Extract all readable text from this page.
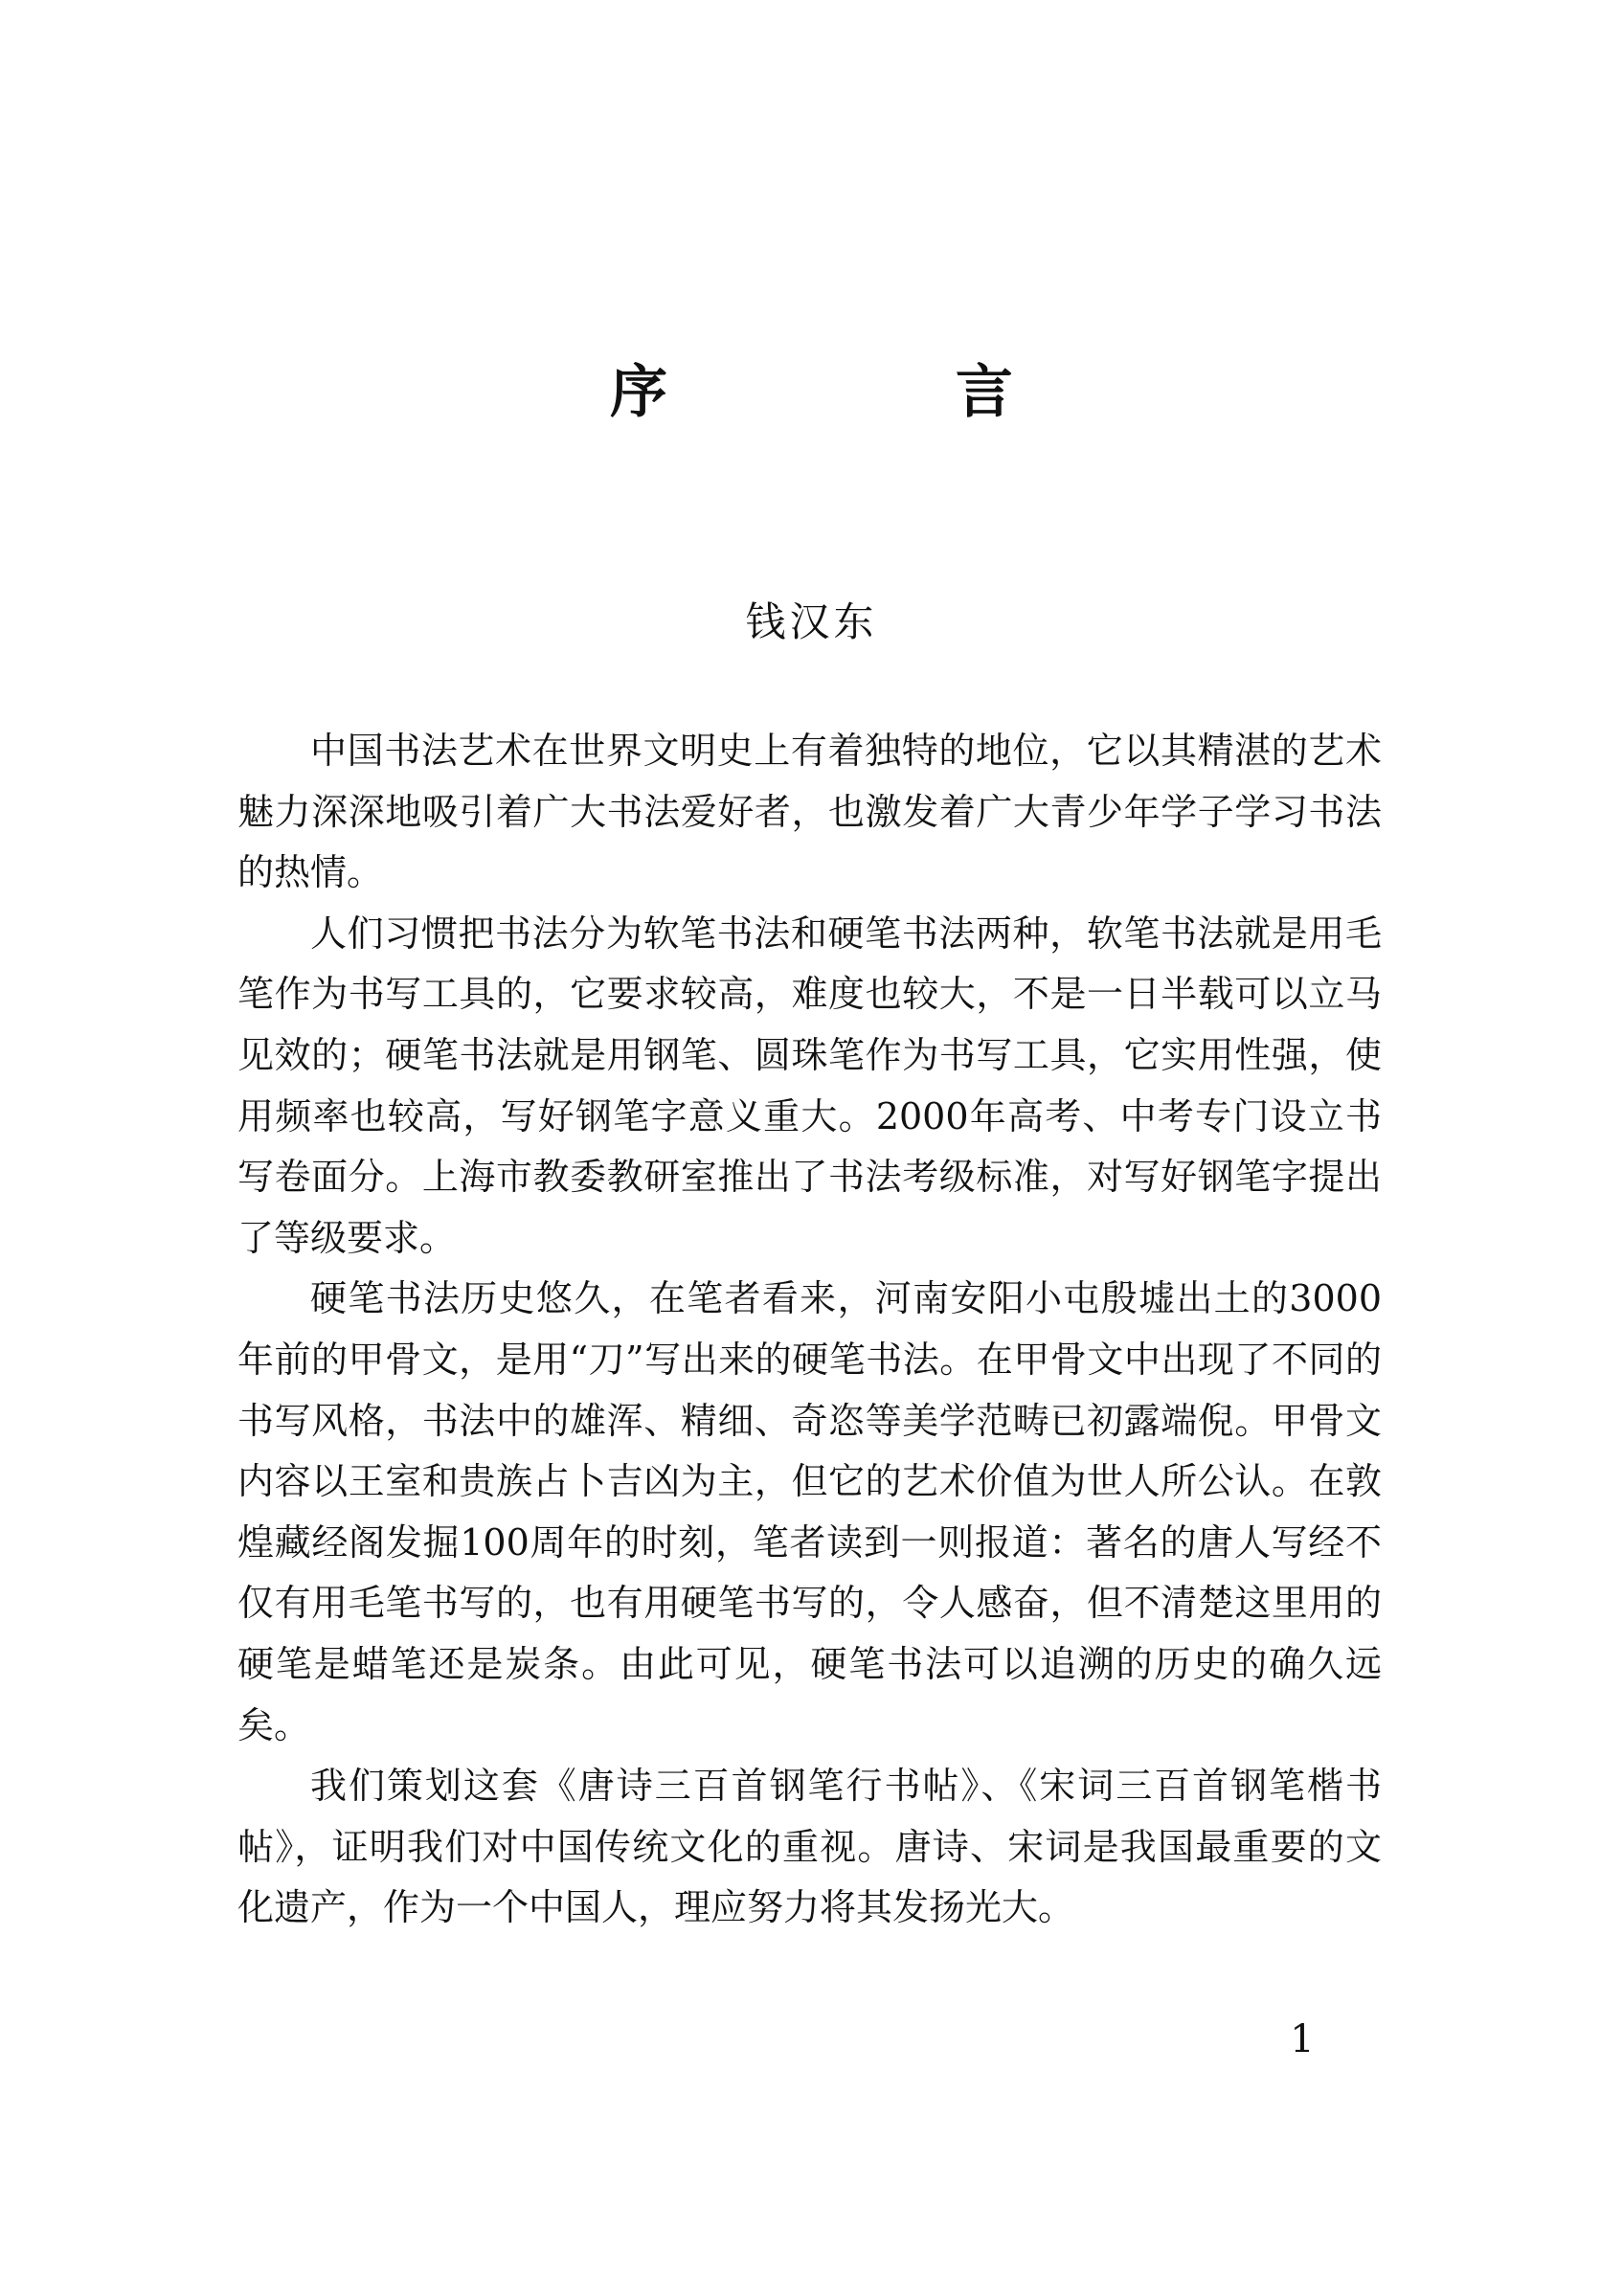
序 言
钱汉东

中国书法艺术在世界文明史上有着独特的地位，它以其精湛的艺术魅力深深地吸引着广大书法爱好者，也激发着广大青少年学子学习书法的热情。

人们习惯把书法分为软笔书法和硬笔书法两种，软笔书法就是用毛笔作为书写工具的，它要求较高，难度也较大，不是一日半载可以立马见效的；硬笔书法就是用钢笔、圆珠笔作为书写工具，它实用性强，使用频率也较高，写好钢笔字意义重大。2000年高考、中考专门设立书写卷面分。上海市教委教研室推出了书法考级标准，对写好钢笔字提出了等级要求。

硬笔书法历史悠久，在笔者看来，河南安阳小屯殷墟出土的3000年前的甲骨文，是用“刀”写出来的硬笔书法。在甲骨文中出现了不同的书写风格，书法中的雄浑、精细、奇恣等美学范畴已初露端倪。甲骨文内容以王室和贵族占卜吉凶为主，但它的艺术价值为世人所公认。在敦煌藏经阁发掘100周年的时刻，笔者读到一则报道：著名的唐人写经不仅有用毛笔书写的，也有用硬笔书写的，令人感奋，但不清楚这里用的硬笔是蜡笔还是炭条。由此可见，硬笔书法可以追溯的历史的确久远矣。

我们策划这套《唐诗三百首钢笔行书帖》、《宋词三百首钢笔楷书帖》，证明我们对中国传统文化的重视。唐诗、宋词是我国最重要的文化遗产，作为一个中国人，理应努力将其发扬光大。

1
